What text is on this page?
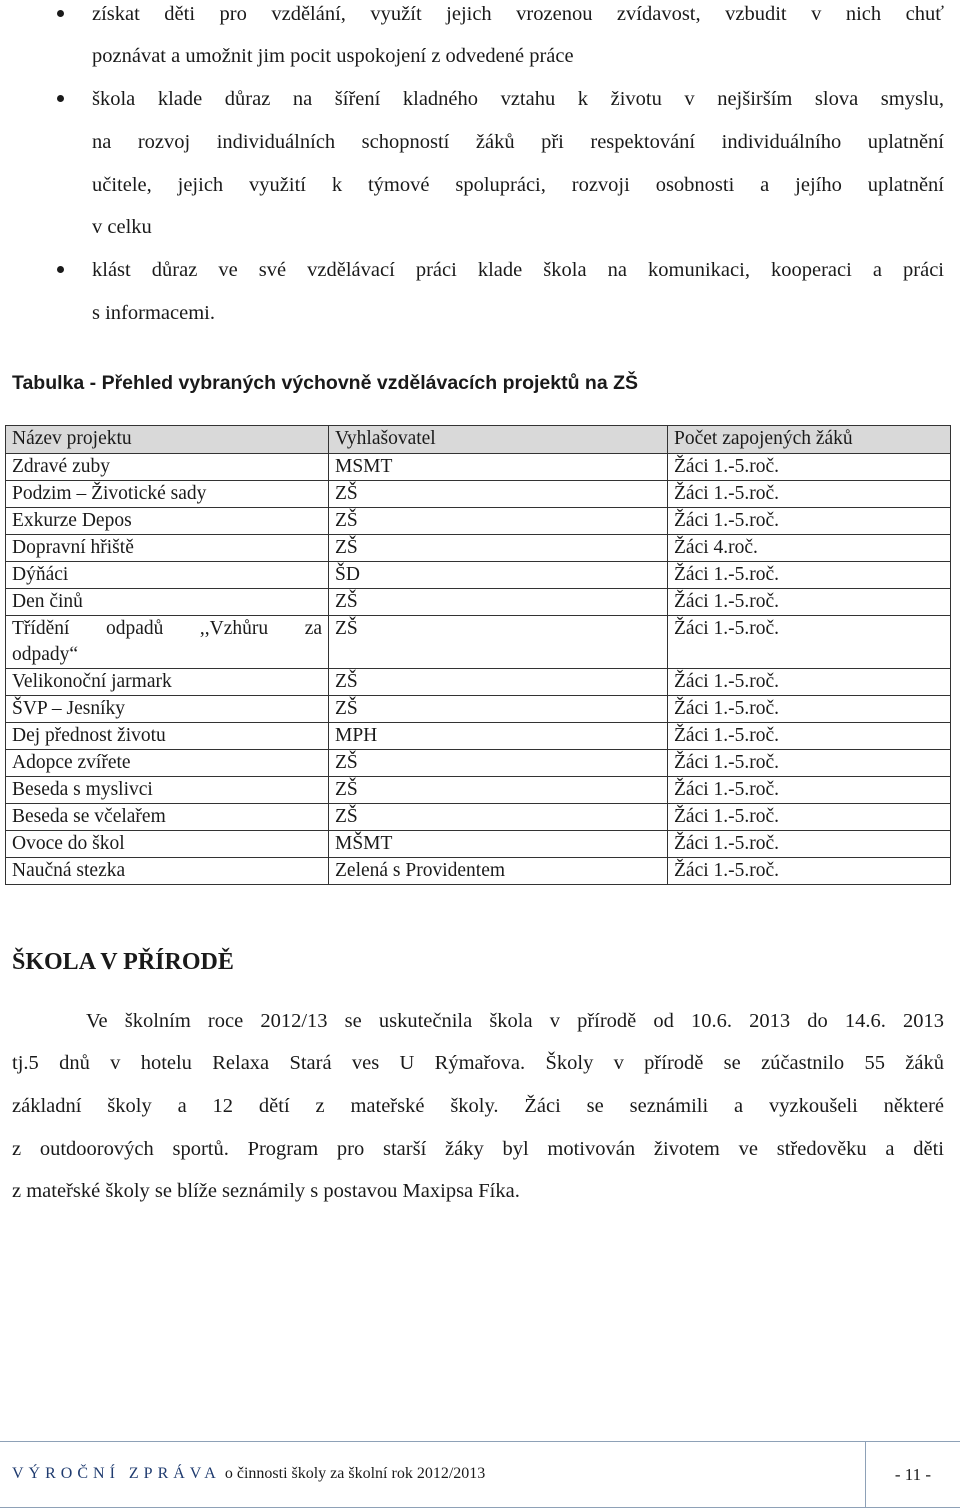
získat děti pro vzdělání, využít jejich vrozenou zvídavost, vzbudit v nich chuť
poznávat a umožnit jim pocit uspokojení z odvedené práce
škola klade důraz na šíření kladného vztahu k životu v nejširším slova smyslu,
na rozvoj individuálních schopností žáků při respektování individuálního uplatnění
učitele, jejich využití k týmové spolupráci, rozvoji osobnosti a jejího uplatnění
v celku
klást důraz ve své vzdělávací práci klade škola na komunikaci, kooperaci a práci
s informacemi.
Tabulka - Přehled vybraných výchovně vzdělávacích projektů na ZŠ
Název projektu	Vyhlašovatel	Počet zapojených žáků
Zdravé zuby	MSMT	Žáci 1.-5.roč.
Podzim – Životické sady	ZŠ	Žáci 1.-5.roč.
Exkurze Depos	ZŠ	Žáci 1.-5.roč.
Dopravní hřiště	ZŠ	Žáci 4.roč.
Dýňáci	ŠD	Žáci 1.-5.roč.
Den činů	ZŠ	Žáci 1.-5.roč.

Třídění odpadů ,,Vzhůru za
odpady“	ZŠ	Žáci 1.-5.roč.
Velikonoční jarmark	ZŠ	Žáci 1.-5.roč.
ŠVP – Jesníky	ZŠ	Žáci 1.-5.roč.
Dej přednost životu	MPH	Žáci 1.-5.roč.
Adopce zvířete	ZŠ	Žáci 1.-5.roč.
Beseda s myslivci	ZŠ	Žáci 1.-5.roč.
Beseda se včelařem	ZŠ	Žáci 1.-5.roč.
Ovoce do škol	MŠMT	Žáci 1.-5.roč.
Naučná stezka	Zelená s Providentem	Žáci 1.-5.roč.
ŠKOLA V PŘÍRODĚ
Ve školním roce 2012/13 se uskutečnila škola v přírodě od 10.6. 2013 do 14.6. 2013
tj.5 dnů v hotelu Relaxa Stará ves U Rýmařova. Školy v přírodě se zúčastnilo 55 žáků
základní školy a 12 dětí z mateřské školy. Žáci se seznámili a vyzkoušeli některé
z outdoorových sportů. Program pro starší žáky byl motivován životem ve středověku a děti
z mateřské školy se blíže seznámily s postavou Maxipsa Fíka.
VÝROČNÍ ZPRÁVA o činnosti školy za školní rok 2012/2013	- 11 -
